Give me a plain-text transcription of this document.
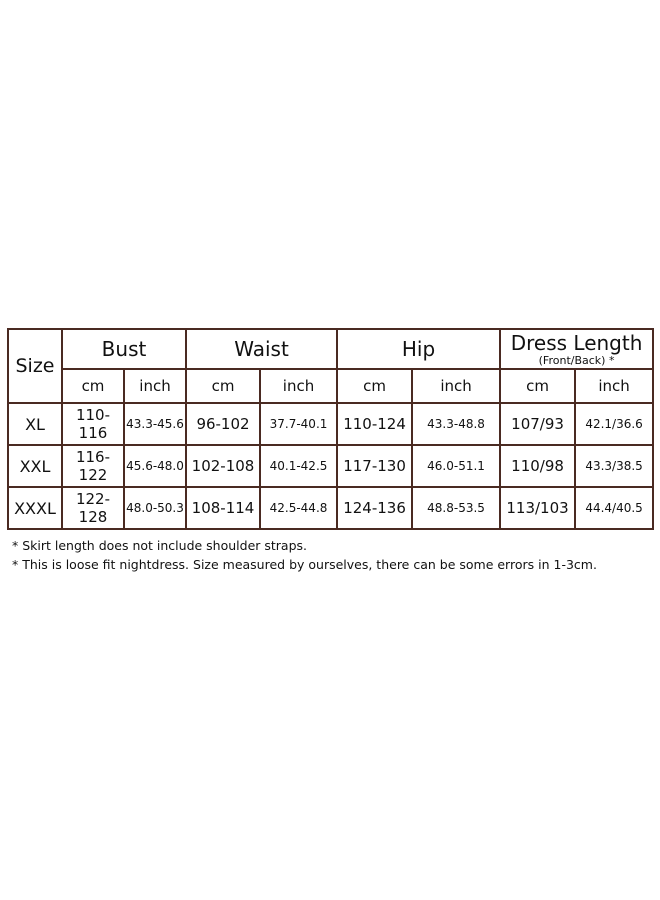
Size	Bust		Waist		Hip		Dress Length
(Front/Back) *	

	cm	inch	cm	inch	cm	inch	cm	inch
XL	110-116	43.3-45.6	96-102	37.7-40.1	110-124	43.3-48.8	107/93	42.1/36.6
XXL	116-122	45.6-48.0	102-108	40.1-42.5	117-130	46.0-51.1	110/98	43.3/38.5
XXXL	122-128	48.0-50.3	108-114	42.5-44.8	124-136	48.8-53.5	113/103	44.4/40.5

* Skirt length does not include shoulder straps.

* This is loose fit nightdress. Size measured by ourselves, there can be some errors in 1-3cm.
